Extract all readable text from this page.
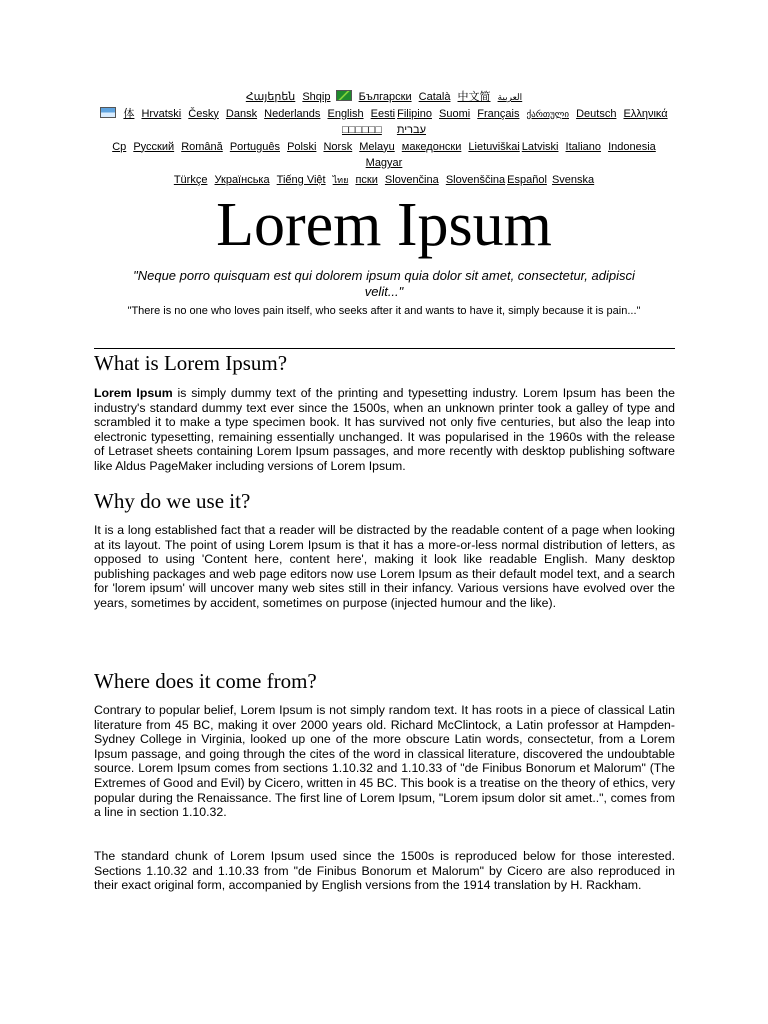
Հայերեն Shqip	Български Català 中文简 العربية
体 Hrvatski Česky Dansk Nederlands English Eesti Filipino Suomi Français ქართული Deutsch Ελληνικά
□□□□□□ עברית
Ср Русский Română Português Polski Norsk Melayu македонски Lietuviškai Latviski Italiano Indonesia Magyar
Türkçe Українська Tiếng Việt ไทย пски Slovenčina Slovenščina Español Svenska
Lorem Ipsum
"Neque porro quisquam est qui dolorem ipsum quia dolor sit amet, consectetur, adipisci velit..."
"There is no one who loves pain itself, who seeks after it and wants to have it, simply because it is pain..."
What is Lorem Ipsum?

Lorem Ipsum is simply dummy text of the printing and typesetting industry. Lorem Ipsum has been the industry's standard dummy text ever since the 1500s, when an unknown printer took a galley of type and scrambled it to make a type specimen book. It has survived not only five centuries, but also the leap into electronic typesetting, remaining essentially unchanged. It was popularised in the 1960s with the release of Letraset sheets containing Lorem Ipsum passages, and more recently with desktop publishing software like Aldus PageMaker including versions of Lorem Ipsum.

Why do we use it?

It is a long established fact that a reader will be distracted by the readable content of a page when looking at its layout. The point of using Lorem Ipsum is that it has a more-or-less normal distribution of letters, as opposed to using 'Content here, content here', making it look like readable English. Many desktop publishing packages and web page editors now use Lorem Ipsum as their default model text, and a search for 'lorem ipsum' will uncover many web sites still in their infancy. Various versions have evolved over the years, sometimes by accident, sometimes on purpose (injected humour and the like).

Where does it come from?

Contrary to popular belief, Lorem Ipsum is not simply random text. It has roots in a piece of classical Latin literature from 45 BC, making it over 2000 years old. Richard McClintock, a Latin professor at Hampden-Sydney College in Virginia, looked up one of the more obscure Latin words, consectetur, from a Lorem Ipsum passage, and going through the cites of the word in classical literature, discovered the undoubtable source. Lorem Ipsum comes from sections 1.10.32 and 1.10.33 of "de Finibus Bonorum et Malorum" (The Extremes of Good and Evil) by Cicero, written in 45 BC. This book is a treatise on the theory of ethics, very popular during the Renaissance. The first line of Lorem Ipsum, "Lorem ipsum dolor sit amet..", comes from a line in section 1.10.32.

The standard chunk of Lorem Ipsum used since the 1500s is reproduced below for those interested. Sections 1.10.32 and 1.10.33 from "de Finibus Bonorum et Malorum" by Cicero are also reproduced in their exact original form, accompanied by English versions from the 1914 translation by H. Rackham.
